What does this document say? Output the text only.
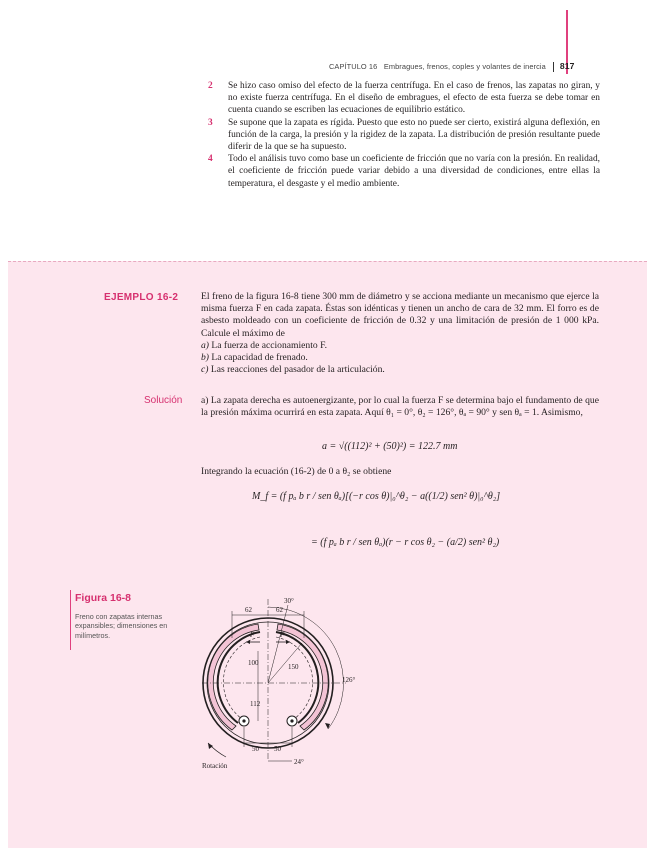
CAPÍTULO 16 Embragues, frenos, coples y volantes de inercia 817
2 Se hizo caso omiso del efecto de la fuerza centrífuga. En el caso de frenos, las zapatas no giran, y no existe fuerza centrífuga. En el diseño de embragues, el efecto de esta fuerza se debe tomar en cuenta cuando se escriben las ecuaciones de equilibrio estático.
3 Se supone que la zapata es rígida. Puesto que esto no puede ser cierto, existirá alguna deflexión, en función de la carga, la presión y la rigidez de la zapata. La distribución de presión resultante puede diferir de la que se ha supuesto.
4 Todo el análisis tuvo como base un coeficiente de fricción que no varía con la presión. En realidad, el coeficiente de fricción puede variar debido a una diversidad de condiciones, entre ellas la temperatura, el desgaste y el medio ambiente.
EJEMPLO 16-2 El freno de la figura 16-8 tiene 300 mm de diámetro y se acciona mediante un mecanismo que ejerce la misma fuerza F en cada zapata. Éstas son idénticas y tienen un ancho de cara de 32 mm. El forro es de asbesto moldeado con un coeficiente de fricción de 0.32 y una limitación de presión de 1 000 kPa. Calcule el máximo de
a) La fuerza de accionamiento F.
b) La capacidad de frenado.
c) Las reacciones del pasador de la articulación.
Solución a) La zapata derecha es autoenergizante, por lo cual la fuerza F se determina bajo el fundamento de que la presión máxima ocurrirá en esta zapata. Aquí θ₁ = 0°, θ₂ = 126°, θₐ = 90° y sen θₐ = 1. Asimismo,
a = √((112)² + (50)²) = 122.7 mm
Integrando la ecuación (16-2) de 0 a θ₂ se obtiene
M_f = (f pₐ b r / sen θₐ)[(−r cos θ)|₀^θ₂ − a((1/2) sen² θ)|₀^θ₂]
= (f pₐ b r / sen θₐ)(r − r cos θ₂ − (a/2) sen² θ₂)
Figura 16-8
Freno con zapatas internas expansibles; dimensiones en milímetros.
30°
62	62
F	F
100	150
126°
112
50 50
Rotación	24°
